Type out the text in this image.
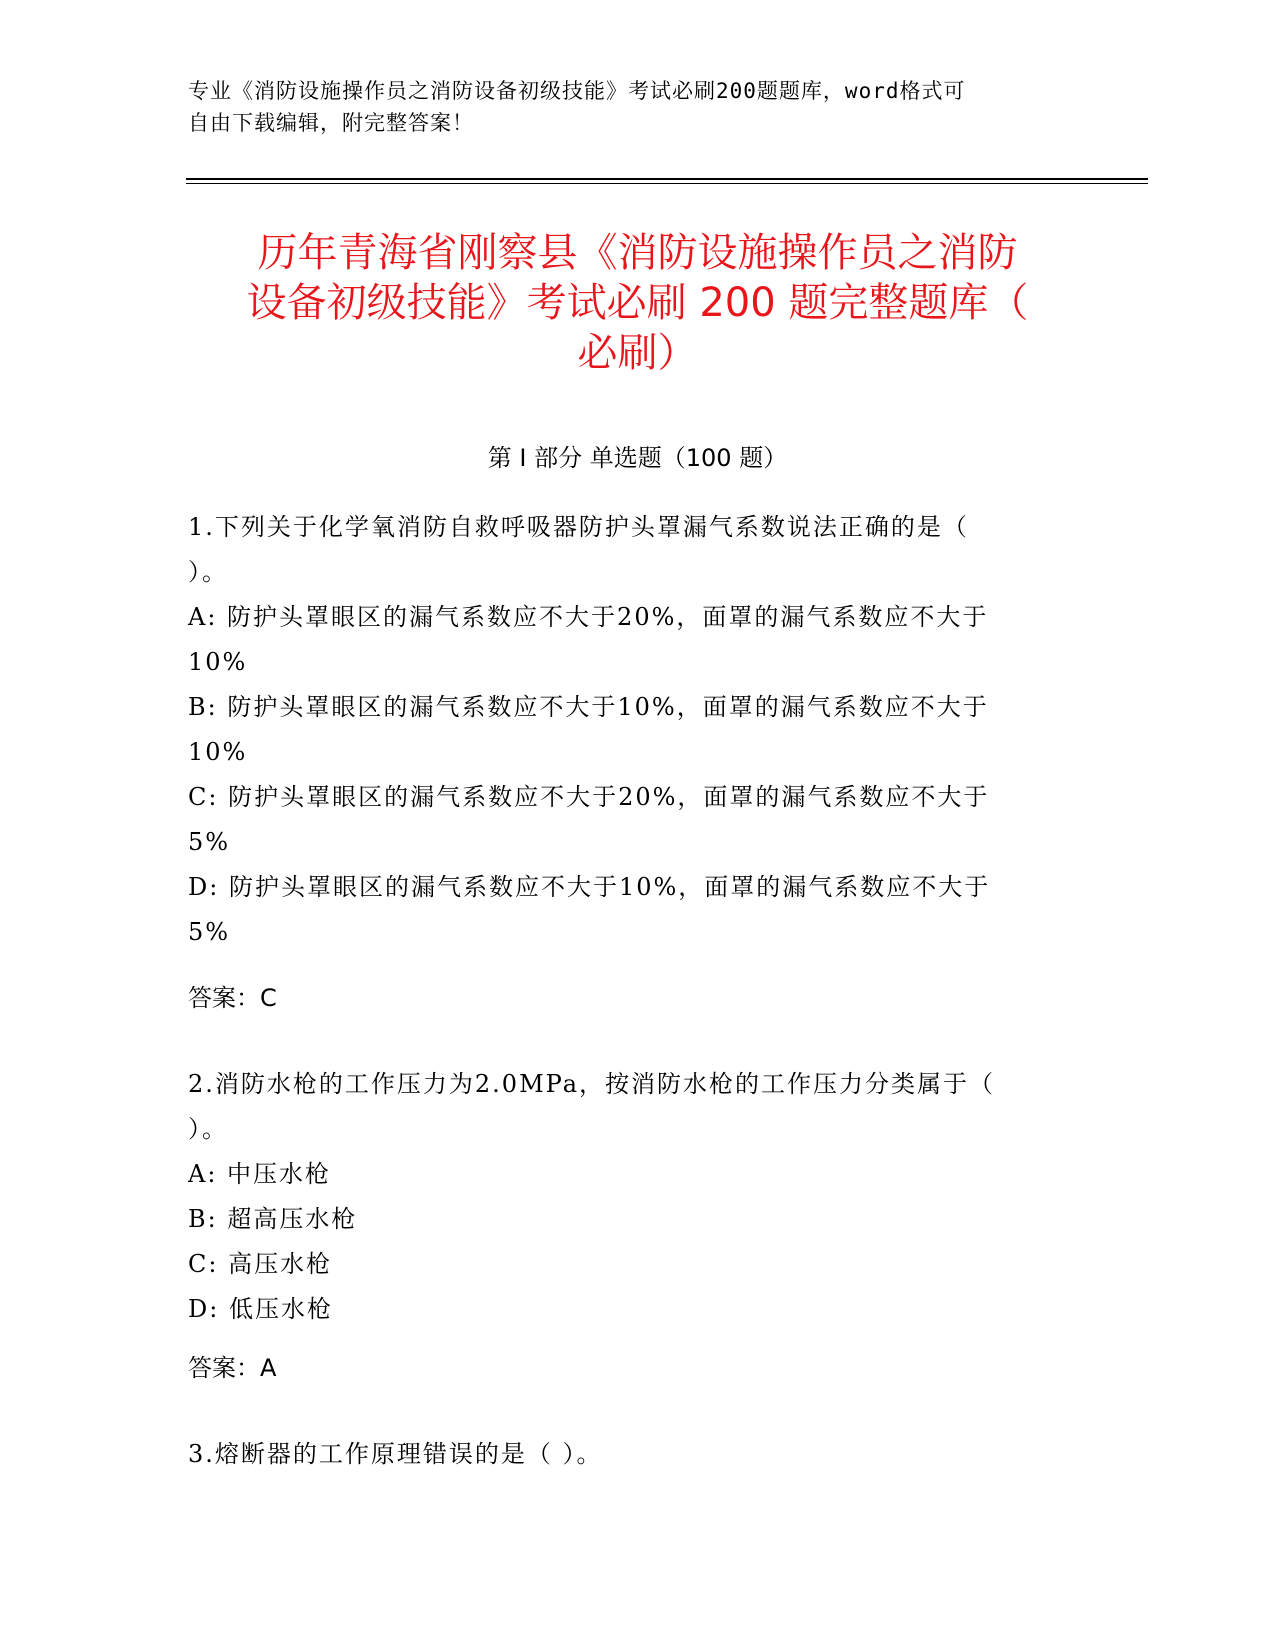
专业《消防设施操作员之消防设备初级技能》考试必刷200题题库，word格式可
自由下载编辑，附完整答案！
历年青海省刚察县《消防设施操作员之消防
设备初级技能》考试必刷 200 题完整题库（
必刷）
第 I 部分 单选题（100 题）
1.下列关于化学氧消防自救呼吸器防护头罩漏气系数说法正确的是（
）。
A: 防护头罩眼区的漏气系数应不大于20%，面罩的漏气系数应不大于
10%
B: 防护头罩眼区的漏气系数应不大于10%，面罩的漏气系数应不大于
10%
C: 防护头罩眼区的漏气系数应不大于20%，面罩的漏气系数应不大于
5%
D: 防护头罩眼区的漏气系数应不大于10%，面罩的漏气系数应不大于
5%
答案：C
2.消防水枪的工作压力为2.0MPa，按消防水枪的工作压力分类属于（
）。
A: 中压水枪
B: 超高压水枪
C: 高压水枪
D: 低压水枪
答案：A
3.熔断器的工作原理错误的是（ ）。
